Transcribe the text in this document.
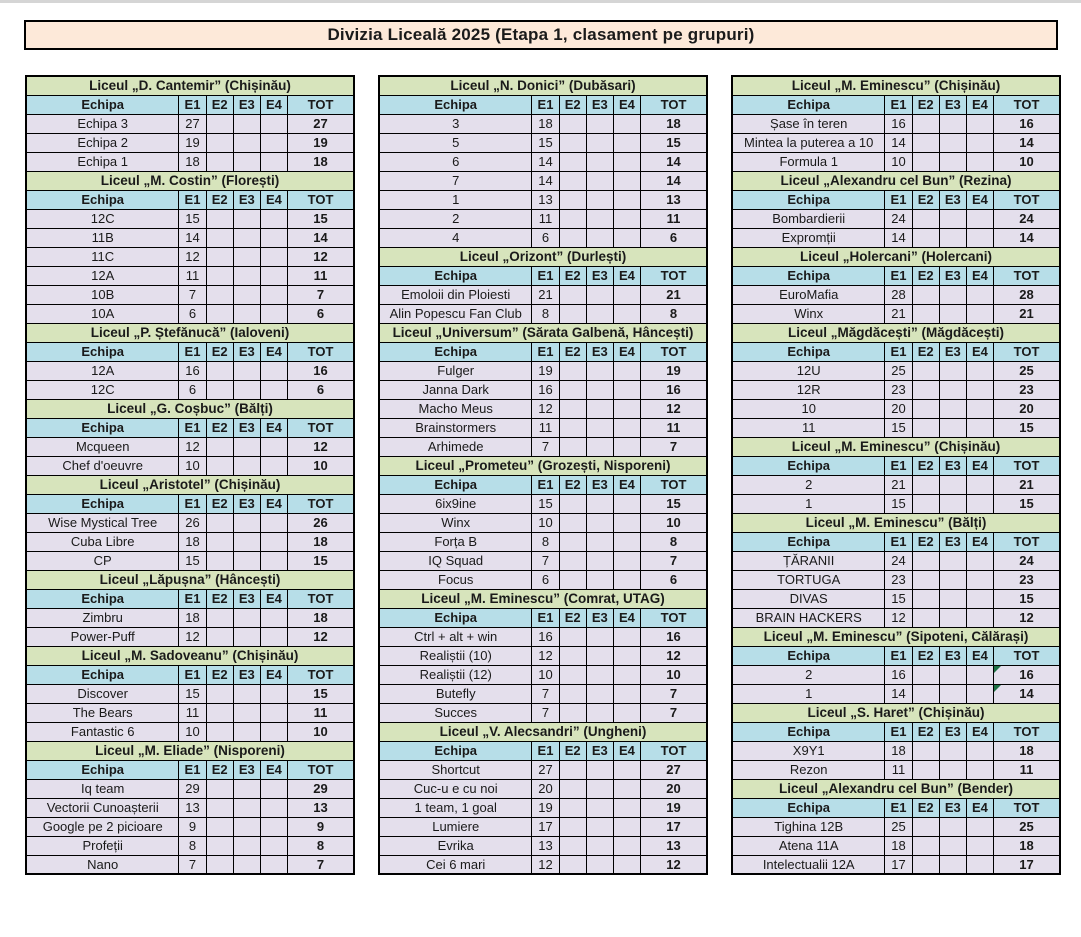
Divizia Liceală 2025 (Etapa 1, clasament pe grupuri)
Liceul „D. Cantemir” (Chișinău)					
Echipa	E1	E2	E3	E4	TOT
Echipa 3	27				27
Echipa 2	19				19
Echipa 1	18				18
Liceul „M. Costin” (Florești)					
Echipa	E1	E2	E3	E4	TOT
12C	15				15
11B	14				14
11C	12				12
12A	11				11
10B	7				7
10A	6				6
Liceul „P. Ștefănucă” (Ialoveni)					
Echipa	E1	E2	E3	E4	TOT
12A	16				16
12C	6				6
Liceul „G. Coșbuc” (Bălți)					
Echipa	E1	E2	E3	E4	TOT
Mcqueen	12				12
Chef d'oeuvre	10				10
Liceul „Aristotel” (Chișinău)					
Echipa	E1	E2	E3	E4	TOT
Wise Mystical Tree	26				26
Cuba Libre	18				18
CP	15				15
Liceul „Lăpușna” (Hâncești)					
Echipa	E1	E2	E3	E4	TOT
Zimbru	18				18
Power-Puff	12				12
Liceul „M. Sadoveanu” (Chișinău)					
Echipa	E1	E2	E3	E4	TOT
Discover	15				15
The Bears	11				11
Fantastic 6	10				10
Liceul „M. Eliade” (Nisporeni)					
Echipa	E1	E2	E3	E4	TOT
Iq team	29				29
Vectorii Cunoașterii	13				13
Google pe 2 picioare	9				9
Profeții	8				8
Nano	7				7
Liceul „N. Donici” (Dubăsari)					
Echipa	E1	E2	E3	E4	TOT
3	18				18
5	15				15
6	14				14
7	14				14
1	13				13
2	11				11
4	6				6
Liceul „Orizont” (Durlești)					
Echipa	E1	E2	E3	E4	TOT
Emoloii din Ploiesti	21				21
Alin Popescu Fan Club	8				8
Liceul „Universum” (Sărata Galbenă, Hâncești)					
Echipa	E1	E2	E3	E4	TOT
Fulger	19				19
Janna Dark	16				16
Macho Meus	12				12
Brainstormers	11				11
Arhimede	7				7
Liceul „Prometeu” (Grozești, Nisporeni)					
Echipa	E1	E2	E3	E4	TOT
6ix9ine	15				15
Winx	10				10
Forța B	8				8
IQ Squad	7				7
Focus	6				6
Liceul „M. Eminescu” (Comrat, UTAG)					
Echipa	E1	E2	E3	E4	TOT
Ctrl + alt + win	16				16
Realiștii (10)	12				12
Realiștii (12)	10				10
Butefly	7				7
Succes	7				7
Liceul „V. Alecsandri” (Ungheni)					
Echipa	E1	E2	E3	E4	TOT
Shortcut	27				27
Cuc-u e cu noi	20				20
1 team, 1 goal	19				19
Lumiere	17				17
Evrika	13				13
Cei 6 mari	12				12
Liceul „M. Eminescu” (Chișinău)					
Echipa	E1	E2	E3	E4	TOT
Șase în teren	16				16
Mintea la puterea a 10	14				14
Formula 1	10				10
Liceul „Alexandru cel Bun” (Rezina)					
Echipa	E1	E2	E3	E4	TOT
Bombardierii	24				24
Expromții	14				14
Liceul „Holercani” (Holercani)					
Echipa	E1	E2	E3	E4	TOT
EuroMafia	28				28
Winx	21				21
Liceul „Măgdăcești” (Măgdăcești)					
Echipa	E1	E2	E3	E4	TOT
12U	25				25
12R	23				23
10	20				20
11	15				15
Liceul „M. Eminescu” (Chișinău)					
Echipa	E1	E2	E3	E4	TOT
2	21				21
1	15				15
Liceul „M. Eminescu” (Bălți)					
Echipa	E1	E2	E3	E4	TOT
ȚĂRANII	24				24
TORTUGA	23				23
DIVAS	15				15
BRAIN HACKERS	12				12
Liceul „M. Eminescu” (Sipoteni, Călărași)					
Echipa	E1	E2	E3	E4	TOT
2	16				16
1	14				14
Liceul „S. Haret” (Chișinău)					
Echipa	E1	E2	E3	E4	TOT
X9Y1	18				18
Rezon	11				11
Liceul „Alexandru cel Bun” (Bender)					
Echipa	E1	E2	E3	E4	TOT
Tighina 12B	25				25
Atena 11A	18				18
Intelectualii 12A	17				17
